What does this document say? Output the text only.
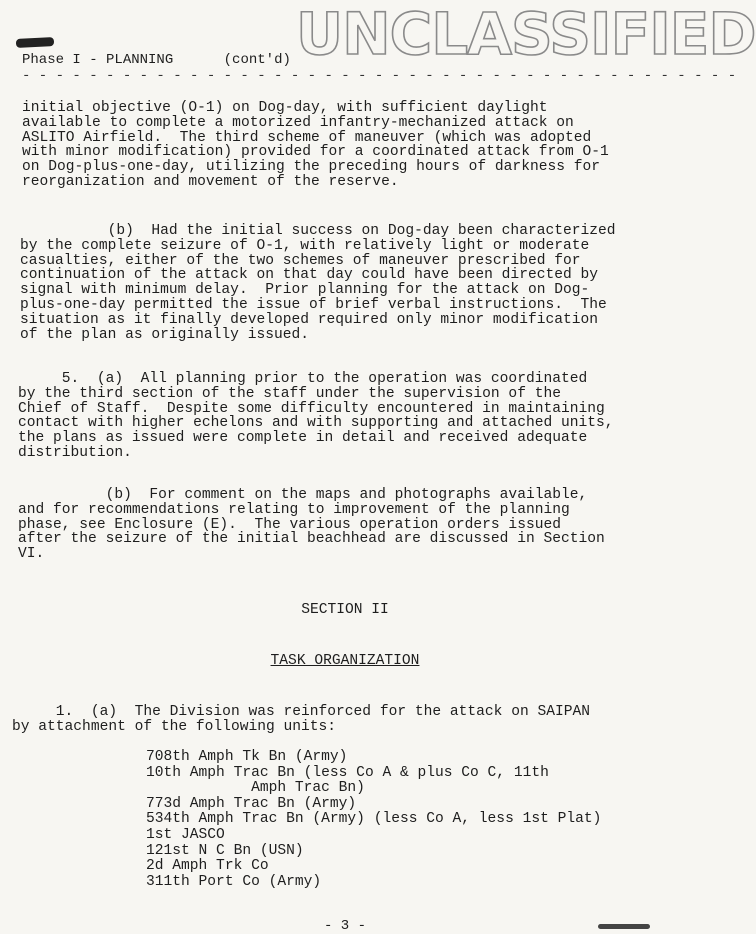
UNCLASSIFIED
Phase I - PLANNING	(cont'd)
- - - - - - - - - - - - - - - - - - - - - - - - - - - - - - - - - - - - - - - - - - -
initial objective (O-1) on Dog-day, with sufficient daylight
available to complete a motorized infantry-mechanized attack on
ASLITO Airfield.  The third scheme of maneuver (which was adopted
with minor modification) provided for a coordinated attack from O-1
on Dog-plus-one-day, utilizing the preceding hours of darkness for
reorganization and movement of the reserve.
(b)  Had the initial success on Dog-day been characterized
by the complete seizure of O-1, with relatively light or moderate
casualties, either of the two schemes of maneuver prescribed for
continuation of the attack on that day could have been directed by
signal with minimum delay.  Prior planning for the attack on Dog-
plus-one-day permitted the issue of brief verbal instructions.  The
situation as it finally developed required only minor modification
of the plan as originally issued.
5.  (a)  All planning prior to the operation was coordinated
by the third section of the staff under the supervision of the
Chief of Staff.  Despite some difficulty encountered in maintaining
contact with higher echelons and with supporting and attached units,
the plans as issued were complete in detail and received adequate
distribution.
(b)  For comment on the maps and photographs available,
and for recommendations relating to improvement of the planning
phase, see Enclosure (E).  The various operation orders issued
after the seizure of the initial beachhead are discussed in Section
VI.
SECTION II
TASK ORGANIZATION
1.  (a)  The Division was reinforced for the attack on SAIPAN
by attachment of the following units:
708th Amph Tk Bn (Army)
10th Amph Trac Bn (less Co A & plus Co C, 11th
Amph Trac Bn)
773d Amph Trac Bn (Army)
534th Amph Trac Bn (Army) (less Co A, less 1st Plat)
1st JASCO
121st N C Bn (USN)
2d Amph Trk Co
311th Port Co (Army)
- 3 -
